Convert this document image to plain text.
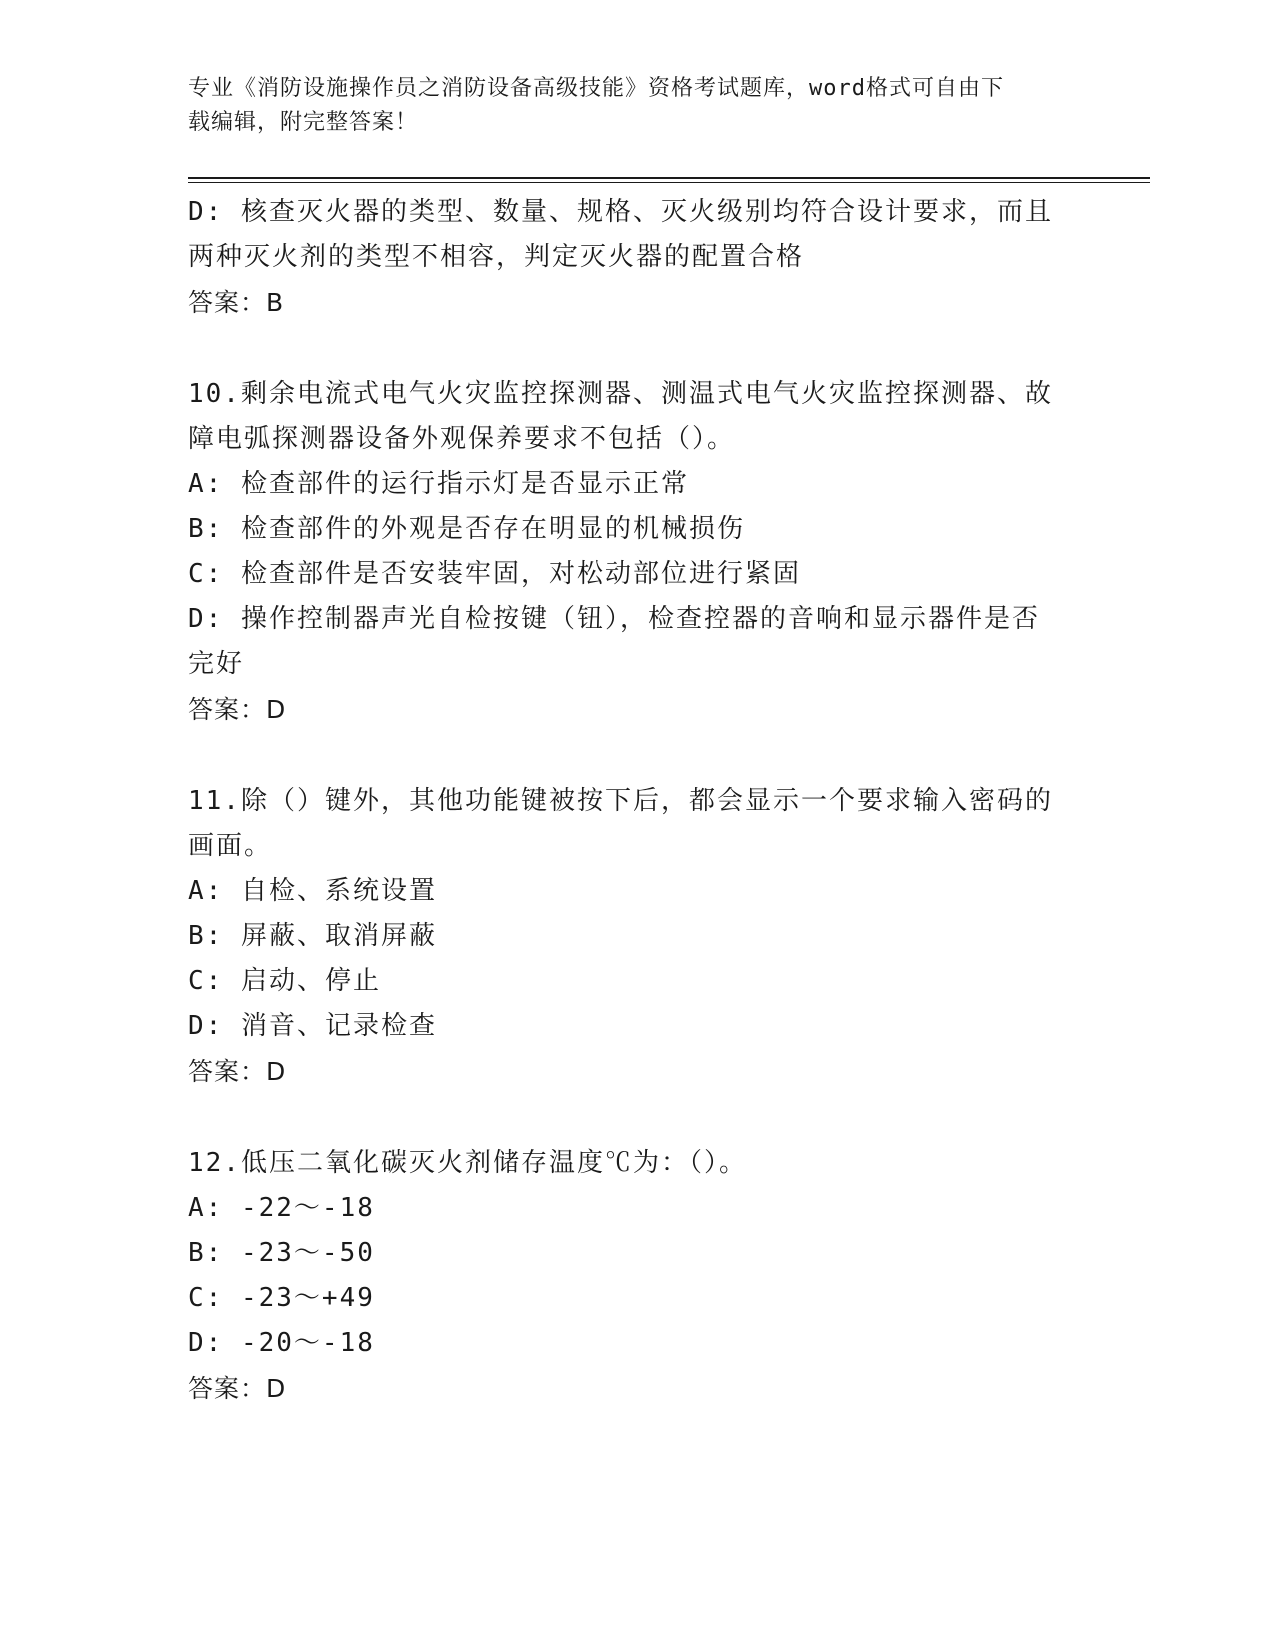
专业《消防设施操作员之消防设备高级技能》资格考试题库，word格式可自由下
载编辑，附完整答案！
D: 核查灭火器的类型、数量、规格、灭火级别均符合设计要求，而且
两种灭火剂的类型不相容，判定灭火器的配置合格
答案：B
10.剩余电流式电气火灾监控探测器、测温式电气火灾监控探测器、故
障电弧探测器设备外观保养要求不包括（）。
A: 检查部件的运行指示灯是否显示正常
B: 检查部件的外观是否存在明显的机械损伤
C: 检查部件是否安装牢固，对松动部位进行紧固
D: 操作控制器声光自检按键（钮），检查控器的音响和显示器件是否
完好
答案：D
11.除（）键外，其他功能键被按下后，都会显示一个要求输入密码的
画面。
A: 自检、系统设置
B: 屏蔽、取消屏蔽
C: 启动、停止
D: 消音、记录检查
答案：D
12.低压二氧化碳灭火剂储存温度℃为：（）。
A: -22～-18
B: -23～-50
C: -23～+49
D: -20～-18
答案：D
